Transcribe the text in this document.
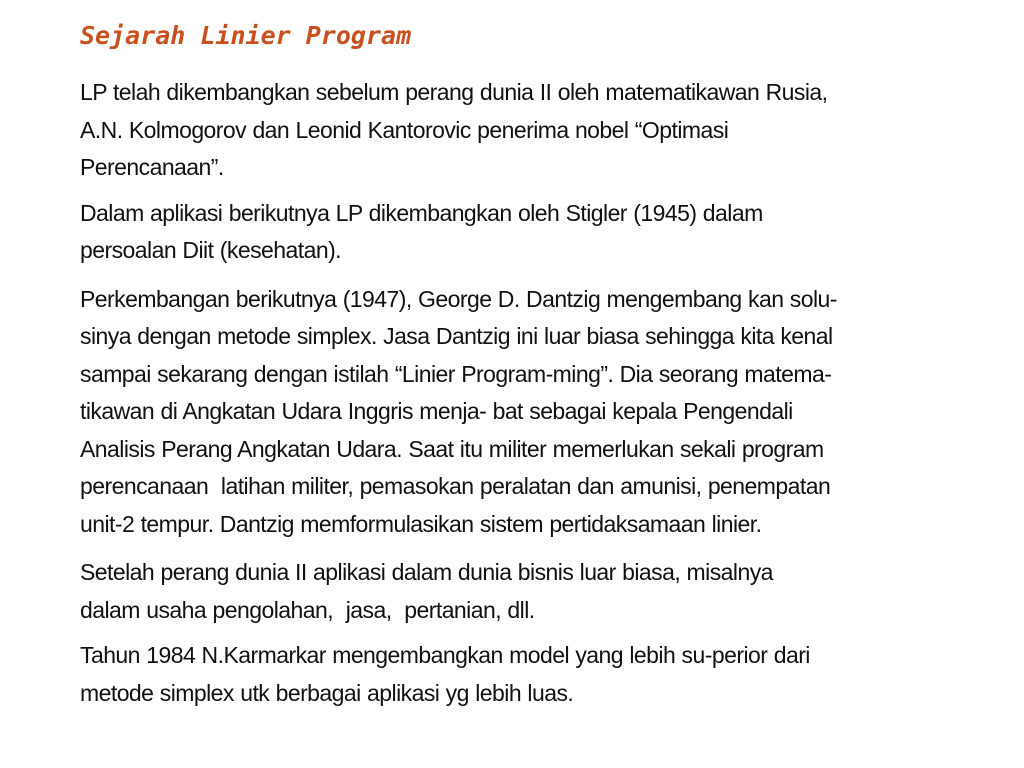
Sejarah Linier Program

LP telah dikembangkan sebelum perang dunia II oleh matematikawan Rusia,
A.N. Kolmogorov dan Leonid Kantorovic penerima nobel “Optimasi
Perencanaan”.

Dalam aplikasi berikutnya LP dikembangkan oleh Stigler (1945) dalam
persoalan Diit (kesehatan).

Perkembangan berikutnya (1947), George D. Dantzig mengembang kan solu-
sinya dengan metode simplex. Jasa Dantzig ini luar biasa sehingga kita kenal
sampai sekarang dengan istilah “Linier Program-ming”. Dia seorang matema-
tikawan di Angkatan Udara Inggris menja- bat sebagai kepala Pengendali
Analisis Perang Angkatan Udara. Saat itu militer memerlukan sekali program
perencanaan  latihan militer, pemasokan peralatan dan amunisi, penempatan
unit-2 tempur. Dantzig memformulasikan sistem pertidaksamaan linier.

Setelah perang dunia II aplikasi dalam dunia bisnis luar biasa, misalnya
dalam usaha pengolahan,  jasa,  pertanian, dll.

Tahun 1984 N.Karmarkar mengembangkan model yang lebih su-perior dari
metode simplex utk berbagai aplikasi yg lebih luas.
